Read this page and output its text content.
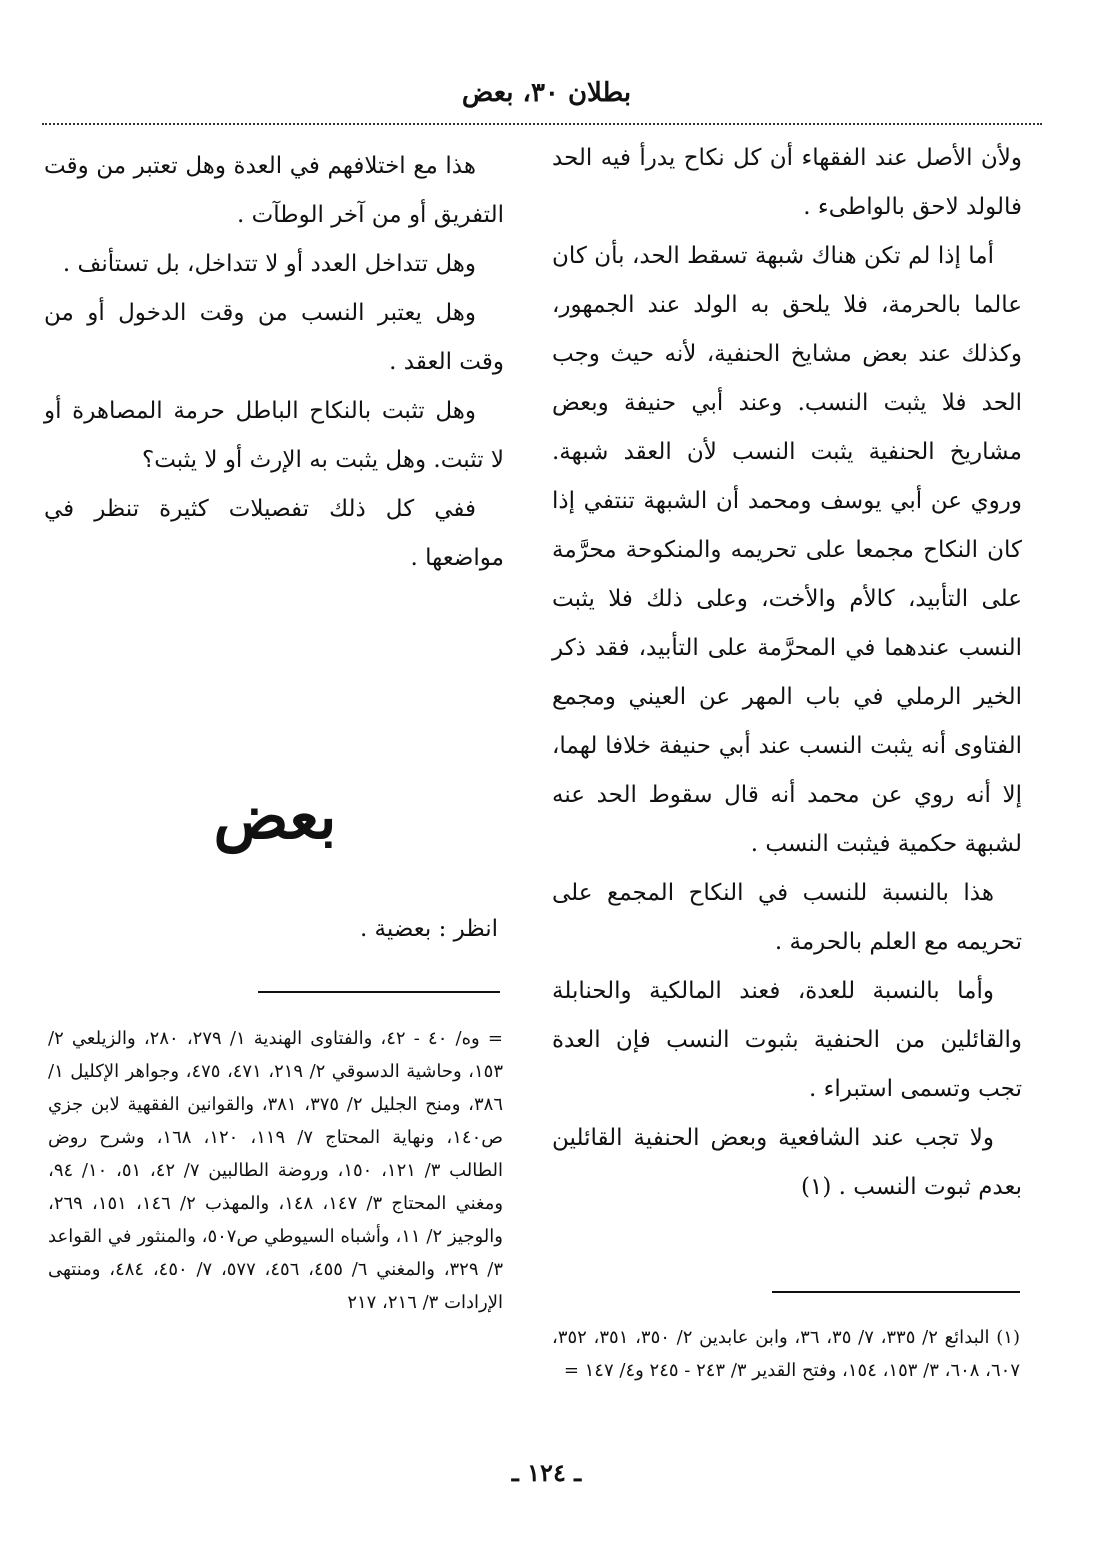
بطلان ٣٠، بعض

ولأن الأصل عند الفقهاء أن كل نكاح يدرأ فيه الحد فالولد لاحق بالواطىء .

أما إذا لم تكن هناك شبهة تسقط الحد، بأن كان عالما بالحرمة، فلا يلحق به الولد عند الجمهور، وكذلك عند بعض مشايخ الحنفية، لأنه حيث وجب الحد فلا يثبت النسب. وعند أبي حنيفة وبعض مشاريخ الحنفية يثبت النسب لأن العقد شبهة. وروي عن أبي يوسف ومحمد أن الشبهة تنتفي إذا كان النكاح مجمعا على تحريمه والمنكوحة محرَّمة على التأبيد، كالأم والأخت، وعلى ذلك فلا يثبت النسب عندهما في المحرَّمة على التأبيد، فقد ذكر الخير الرملي في باب المهر عن العيني ومجمع الفتاوى أنه يثبت النسب عند أبي حنيفة خلافا لهما، إلا أنه روي عن محمد أنه قال سقوط الحد عنه لشبهة حكمية فيثبت النسب .

هذا بالنسبة للنسب في النكاح المجمع على تحريمه مع العلم بالحرمة .

وأما بالنسبة للعدة، فعند المالكية والحنابلة والقائلين من الحنفية بثبوت النسب فإن العدة تجب وتسمى استبراء .

ولا تجب عند الشافعية وبعض الحنفية القائلين بعدم ثبوت النسب . (١)

هذا مع اختلافهم في العدة وهل تعتبر من وقت التفريق أو من آخر الوطآت .

وهل تتداخل العدد أو لا تتداخل، بل تستأنف .

وهل يعتبر النسب من وقت الدخول أو من وقت العقد .

وهل تثبت بالنكاح الباطل حرمة المصاهرة أو لا تثبت. وهل يثبت به الإرث أو لا يثبت؟

ففي كل ذلك تفصيلات كثيرة تنظر في مواضعها .

بعض
انظر : بعضية .
= وه/ ٤٠ - ٤٢، والفتاوى الهندية ١/ ٢٧٩، ٢٨٠، والزيلعي ٢/ ١٥٣، وحاشية الدسوقي ٢/ ٢١٩، ٤٧١، ٤٧٥، وجواهر الإكليل ١/ ٣٨٦، ومنح الجليل ٢/ ٣٧٥، ٣٨١، والقوانين الفقهية لابن جزي ص١٤٠، ونهاية المحتاج ٧/ ١١٩، ١٢٠، ١٦٨، وشرح روض الطالب ٣/ ١٢١، ١٥٠، وروضة الطالبين ٧/ ٤٢، ٥١، ١٠/ ٩٤، ومغني المحتاج ٣/ ١٤٧، ١٤٨، والمهذب ٢/ ١٤٦، ١٥١، ٢٦٩، والوجيز ٢/ ١١، وأشباه السيوطي ص٥٠٧، والمنثور في القواعد ٣/ ٣٢٩، والمغني ٦/ ٤٥٥، ٤٥٦، ٥٧٧، ٧/ ٤٥٠، ٤٨٤، ومنتهى الإرادات ٣/ ٢١٦، ٢١٧
(١) البدائع ٢/ ٣٣٥، ٧/ ٣٥، ٣٦، وابن عابدين ٢/ ٣٥٠، ٣٥١، ٣٥٢، ٦٠٧، ٦٠٨، ٣/ ١٥٣، ١٥٤، وفتح القدير ٣/ ٢٤٣ - ٢٤٥ و٤/ ١٤٧ =
ـ ١٢٤ ـ
